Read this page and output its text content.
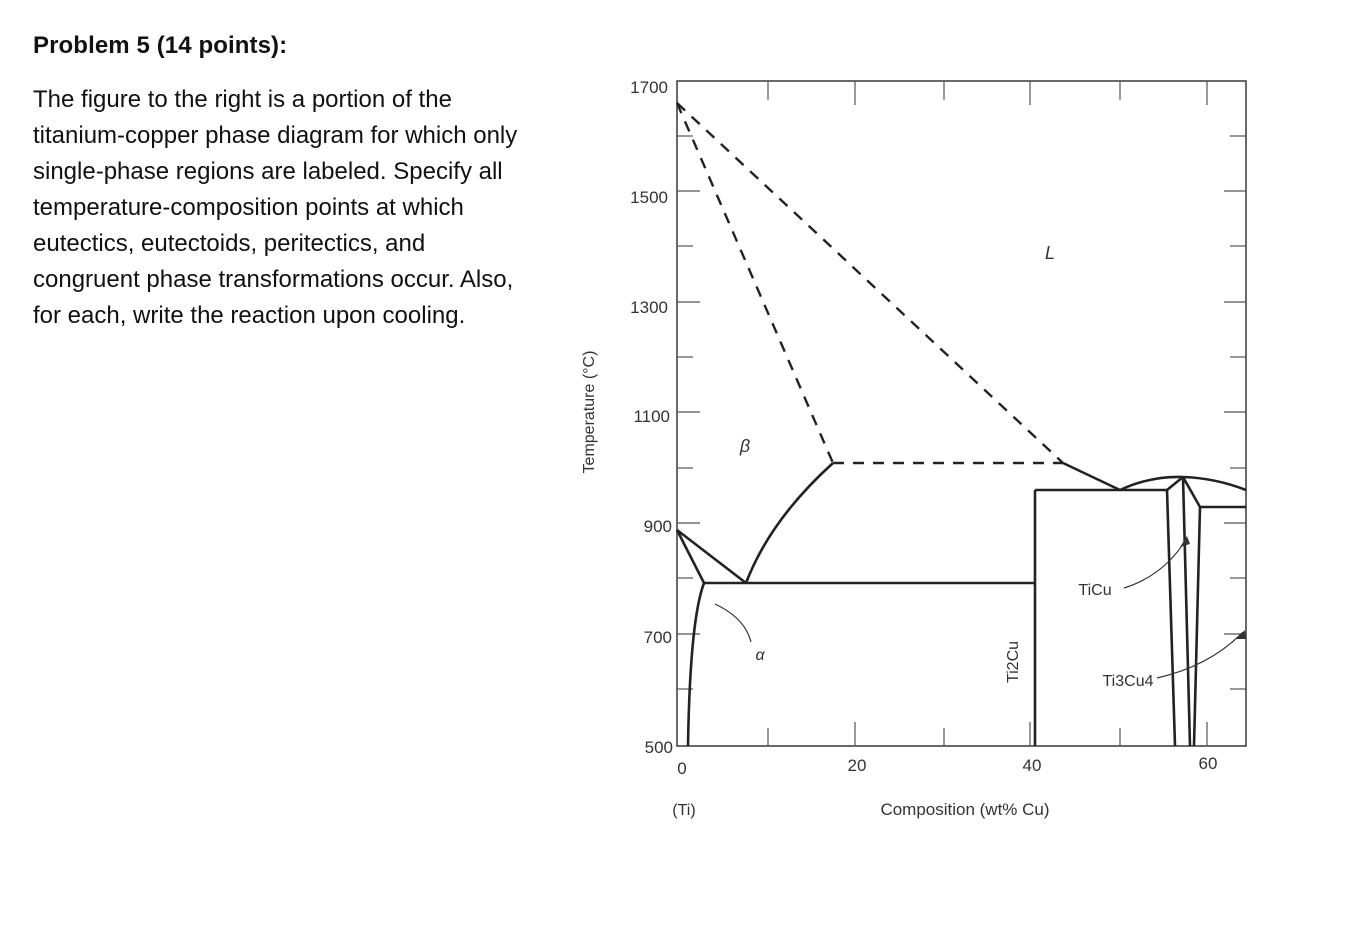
Problem 5 (14 points):

The figure to the right is a portion of the titanium-copper phase diagram for which only single-phase regions are labeled. Specify all temperature-composition points at which eutectics, eutectoids, peritectics, and congruent phase transformations occur. Also, for each, write the reaction upon cooling.

1700
1500
1300
1100
900
700
500
0	20	40	60
(Ti)	Composition (wt% Cu)
Temperature (°C)
L
β
α	Ti2Cu
TiCu
Ti3Cu4
